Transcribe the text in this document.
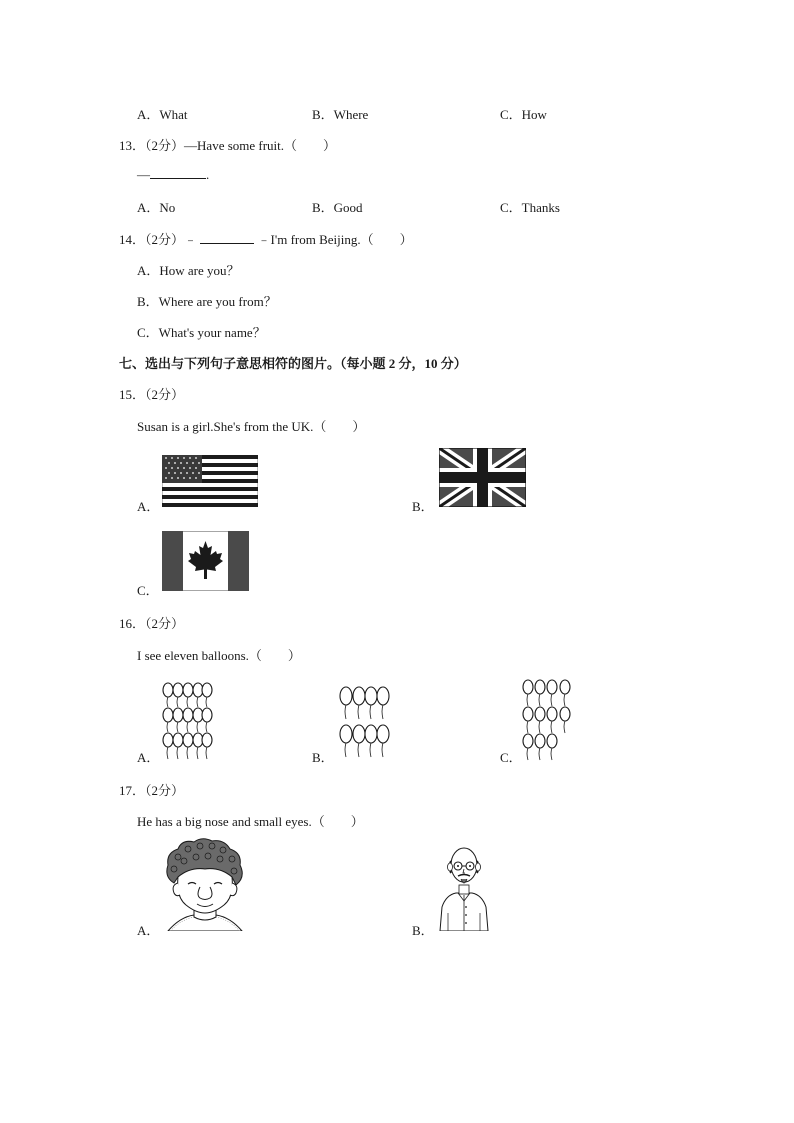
A．What	B．Where	C．How
13．（2分）—Have some fruit.（　　）
—	.
A．No	B．Good	C．Thanks
14．（2分）﹣	﹣I'm from Beijing.（　　）
A．How are you？
B．Where are you from？
C．What's your name？
七、选出与下列句子意思相符的图片。（每小题 2 分，10 分）
15．（2分）
Susan is a girl.She's from the UK.（　　）
A．	B．
C．
16．（2分）
I see eleven balloons.（　　）
A．	B．	C．
17．（2分）
He has a big nose and small eyes.（　　）
A．	B．
